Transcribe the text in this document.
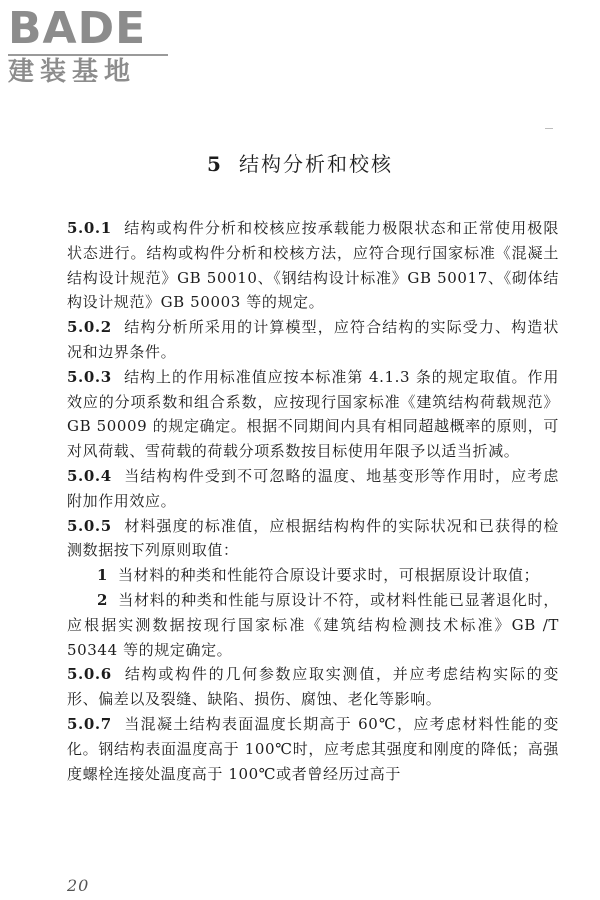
BADE
建装基地
5 结构分析和校核

5.0.1 结构或构件分析和校核应按承载能力极限状态和正常使用极限状态进行。结构或构件分析和校核方法，应符合现行国家标准《混凝土结构设计规范》GB 50010、《钢结构设计标准》GB 50017、《砌体结构设计规范》GB 50003 等的规定。

5.0.2 结构分析所采用的计算模型，应符合结构的实际受力、构造状况和边界条件。

5.0.3 结构上的作用标准值应按本标准第 4.1.3 条的规定取值。作用效应的分项系数和组合系数，应按现行国家标准《建筑结构荷载规范》GB 50009 的规定确定。根据不同期间内具有相同超越概率的原则，可对风荷载、雪荷载的荷载分项系数按目标使用年限予以适当折减。

5.0.4 当结构构件受到不可忽略的温度、地基变形等作用时，应考虑附加作用效应。

5.0.5 材料强度的标准值，应根据结构构件的实际状况和已获得的检测数据按下列原则取值：

1 当材料的种类和性能符合原设计要求时，可根据原设计取值；

2 当材料的种类和性能与原设计不符，或材料性能已显著退化时，应根据实测数据按现行国家标准《建筑结构检测技术标准》GB /T 50344 等的规定确定。

5.0.6 结构或构件的几何参数应取实测值，并应考虑结构实际的变形、偏差以及裂缝、缺陷、损伤、腐蚀、老化等影响。

5.0.7 当混凝土结构表面温度长期高于 60℃，应考虑材料性能的变化。钢结构表面温度高于 100℃时，应考虑其强度和刚度的降低；高强度螺栓连接处温度高于 100℃或者曾经历过高于

20
